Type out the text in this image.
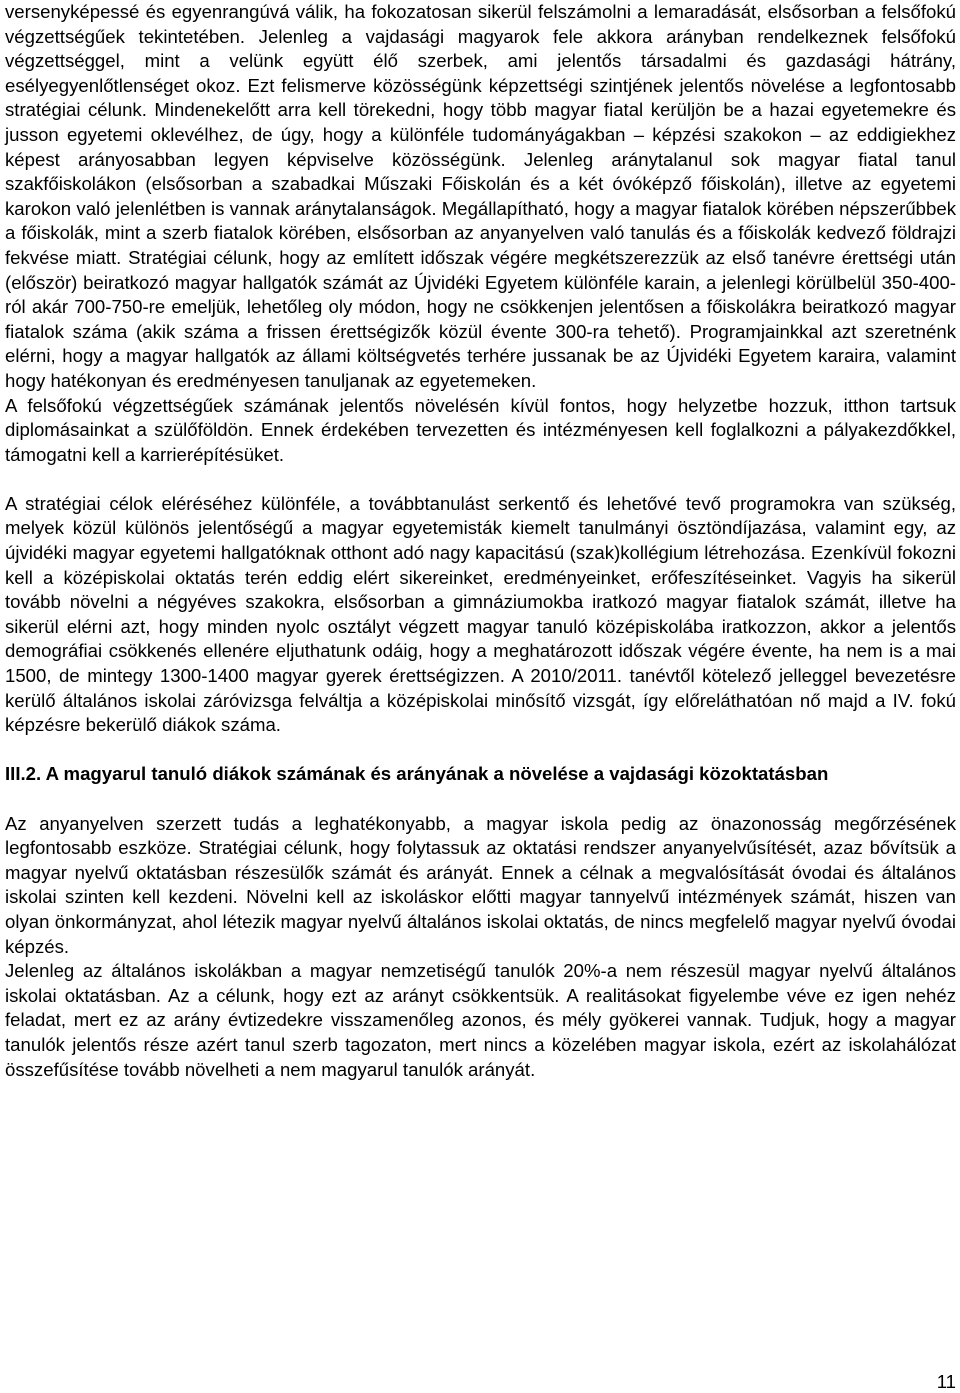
versenyképessé és egyenrangúvá válik, ha fokozatosan sikerül felszámolni a lemaradását, elsősorban a felsőfokú végzettségűek tekintetében. Jelenleg a vajdasági magyarok fele akkora arányban rendelkeznek felsőfokú végzettséggel, mint a velünk együtt élő szerbek, ami jelentős társadalmi és gazdasági hátrány, esélyegyenlőtlenséget okoz. Ezt felismerve közösségünk képzettségi szintjének jelentős növelése a legfontosabb stratégiai célunk. Mindenekelőtt arra kell törekedni, hogy több magyar fiatal kerüljön be a hazai egyetemekre és jusson egyetemi oklevélhez, de úgy, hogy a különféle tudományágakban – képzési szakokon – az eddigiekhez képest arányosabban legyen képviselve közösségünk. Jelenleg aránytalanul sok magyar fiatal tanul szakfőiskolákon (elsősorban a szabadkai Műszaki Főiskolán és a két óvóképző főiskolán), illetve az egyetemi karokon való jelenlétben is vannak aránytalanságok. Megállapítható, hogy a magyar fiatalok körében népszerűbbek a főiskolák, mint a szerb fiatalok körében, elsősorban az anyanyelven való tanulás és a főiskolák kedvező földrajzi fekvése miatt. Stratégiai célunk, hogy az említett időszak végére megkétszerezzük az első tanévre érettségi után (először) beiratkozó magyar hallgatók számát az Újvidéki Egyetem különféle karain, a jelenlegi körülbelül 350-400-ról akár 700-750-re emeljük, lehetőleg oly módon, hogy ne csökkenjen jelentősen a főiskolákra beiratkozó magyar fiatalok száma (akik száma a frissen érettségizők közül évente 300-ra tehető). Programjainkkal azt szeretnénk elérni, hogy a magyar hallgatók az állami költségvetés terhére jussanak be az Újvidéki Egyetem karaira, valamint hogy hatékonyan és eredményesen tanuljanak az egyetemeken.

A felsőfokú végzettségűek számának jelentős növelésén kívül fontos, hogy helyzetbe hozzuk, itthon tartsuk diplomásainkat a szülőföldön. Ennek érdekében tervezetten és intézményesen kell foglalkozni a pályakezdőkkel, támogatni kell a karrierépítésüket.

A stratégiai célok eléréséhez különféle, a továbbtanulást serkentő és lehetővé tevő programokra van szükség, melyek közül különös jelentőségű a magyar egyetemisták kiemelt tanulmányi ösztöndíjazása, valamint egy, az újvidéki magyar egyetemi hallgatóknak otthont adó nagy kapacitású (szak)kollégium létrehozása. Ezenkívül fokozni kell a középiskolai oktatás terén eddig elért sikereinket, eredményeinket, erőfeszítéseinket. Vagyis ha sikerül tovább növelni a négyéves szakokra, elsősorban a gimnáziumokba iratkozó magyar fiatalok számát, illetve ha sikerül elérni azt, hogy minden nyolc osztályt végzett magyar tanuló középiskolába iratkozzon, akkor a jelentős demográfiai csökkenés ellenére eljuthatunk odáig, hogy a meghatározott időszak végére évente, ha nem is a mai 1500, de mintegy 1300-1400 magyar gyerek érettségizzen. A 2010/2011. tanévtől kötelező jelleggel bevezetésre kerülő általános iskolai záróvizsga felváltja a középiskolai minősítő vizsgát, így előreláthatóan nő majd a IV. fokú képzésre bekerülő diákok száma.

III.2. A magyarul tanuló diákok számának és arányának a növelése a vajdasági közoktatásban

Az anyanyelven szerzett tudás a leghatékonyabb, a magyar iskola pedig az önazonosság megőrzésének legfontosabb eszköze. Stratégiai célunk, hogy folytassuk az oktatási rendszer anyanyelvűsítését, azaz bővítsük a magyar nyelvű oktatásban részesülők számát és arányát. Ennek a célnak a megvalósítását óvodai és általános iskolai szinten kell kezdeni. Növelni kell az iskoláskor előtti magyar tannyelvű intézmények számát, hiszen van olyan önkormányzat, ahol létezik magyar nyelvű általános iskolai oktatás, de nincs megfelelő magyar nyelvű óvodai képzés.

Jelenleg az általános iskolákban a magyar nemzetiségű tanulók 20%-a nem részesül magyar nyelvű általános iskolai oktatásban. Az a célunk, hogy ezt az arányt csökkentsük. A realitásokat figyelembe véve ez igen nehéz feladat, mert ez az arány évtizedekre visszamenőleg azonos, és mély gyökerei vannak. Tudjuk, hogy a magyar tanulók jelentős része azért tanul szerb tagozaton, mert nincs a közelében magyar iskola, ezért az iskolahálózat összefűsítése tovább növelheti a nem magyarul tanulók arányát.

11
